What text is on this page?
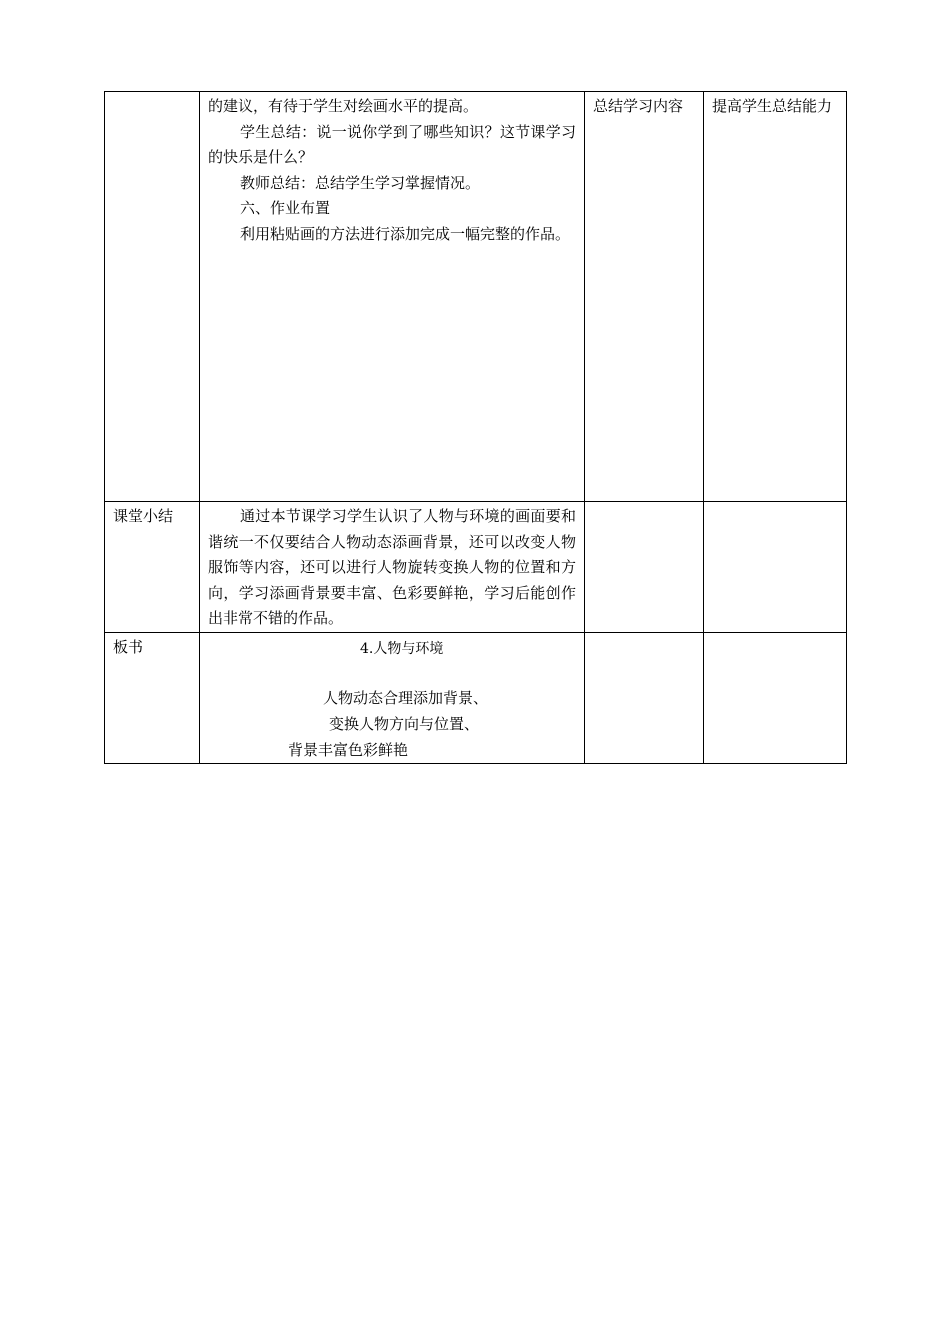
	的建议，有待于学生对绘画水平的提高。

学生总结：说一说你学到了哪些知识？这节课学习的快乐是什么？

教师总结：总结学生学习掌握情况。

六、作业布置

利用粘贴画的方法进行添加完成一幅完整的作品。	总结学习内容	提高学生总结能力
课堂小结	通过本节课学习学生认识了人物与环境的画面要和谐统一不仅要结合人物动态添画背景，还可以改变人物服饰等内容，还可以进行人物旋转变换人物的位置和方向，学习添画背景要丰富、色彩要鲜艳，学习后能创作出非常不错的作品。		

板书	4.人物与环境

人物动态合理添加背景、

变换人物方向与位置、

背景丰富色彩鲜艳		
